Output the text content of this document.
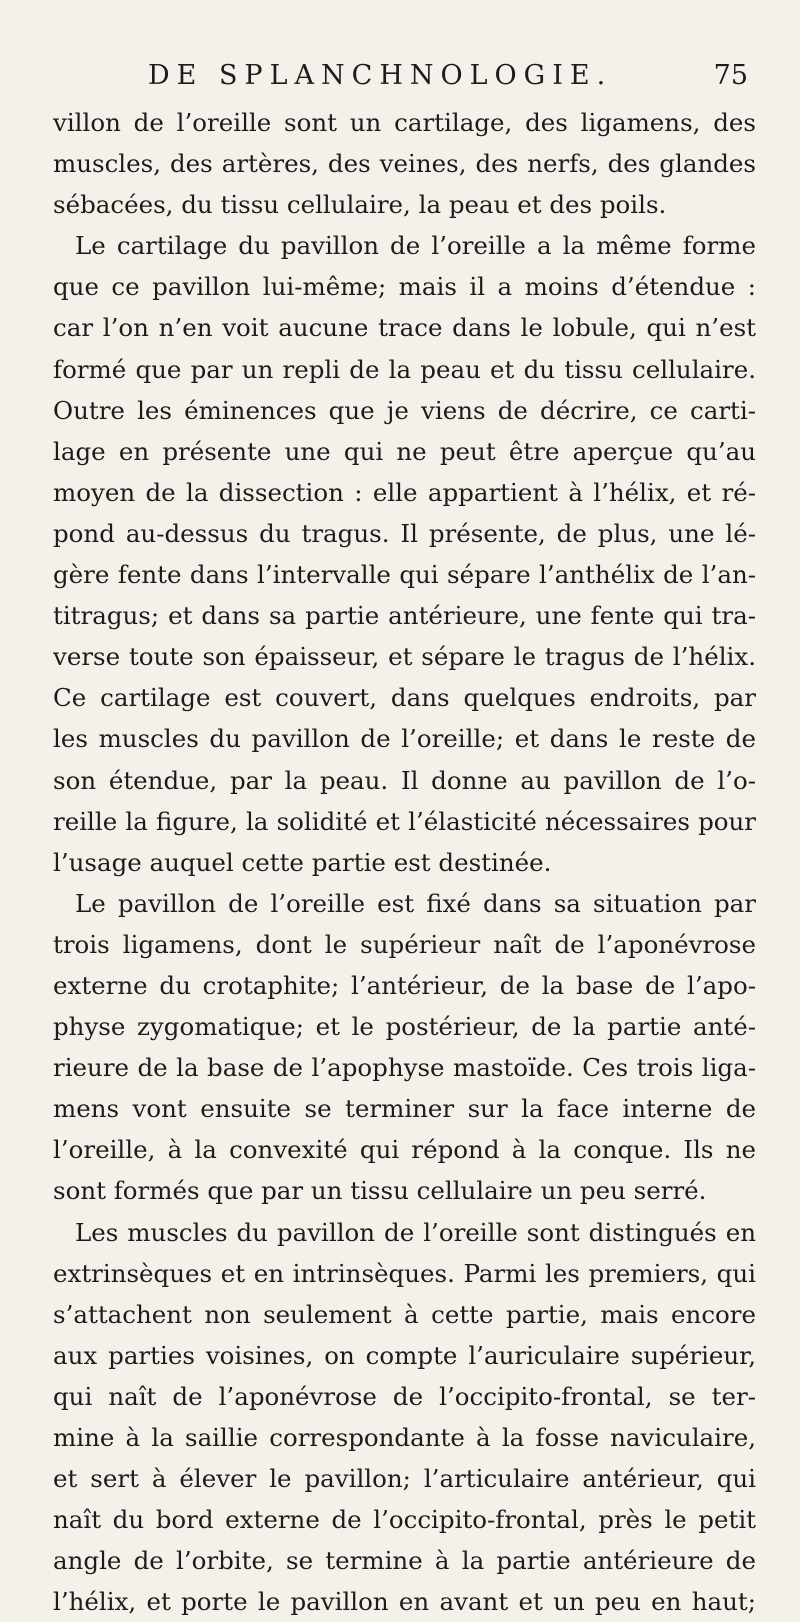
DE SPLANCHNOLOGIE.	75
villon de l’oreille sont un cartilage, des ligamens, des
muscles, des artères, des veines, des nerfs, des glandes
sébacées, du tissu cellulaire, la peau et des poils.
Le cartilage du pavillon de l’oreille a la même forme
que ce pavillon lui-même; mais il a moins d’étendue :
car l’on n’en voit aucune trace dans le lobule, qui n’est
formé que par un repli de la peau et du tissu cellulaire.
Outre les éminences que je viens de décrire, ce carti-
lage en présente une qui ne peut être aperçue qu’au
moyen de la dissection : elle appartient à l’hélix, et ré-
pond au-dessus du tragus. Il présente, de plus, une lé-
gère fente dans l’intervalle qui sépare l’anthélix de l’an-
titragus; et dans sa partie antérieure, une fente qui tra-
verse toute son épaisseur, et sépare le tragus de l’hélix.
Ce cartilage est couvert, dans quelques endroits, par
les muscles du pavillon de l’oreille; et dans le reste de
son étendue, par la peau. Il donne au pavillon de l’o-
reille la figure, la solidité et l’élasticité nécessaires pour
l’usage auquel cette partie est destinée.
Le pavillon de l’oreille est fixé dans sa situation par
trois ligamens, dont le supérieur naît de l’aponévrose
externe du crotaphite; l’antérieur, de la base de l’apo-
physe zygomatique; et le postérieur, de la partie anté-
rieure de la base de l’apophyse mastoïde. Ces trois liga-
mens vont ensuite se terminer sur la face interne de
l’oreille, à la convexité qui répond à la conque. Ils ne
sont formés que par un tissu cellulaire un peu serré.
Les muscles du pavillon de l’oreille sont distingués en
extrinsèques et en intrinsèques. Parmi les premiers, qui
s’attachent non seulement à cette partie, mais encore
aux parties voisines, on compte l’auriculaire supérieur,
qui naît de l’aponévrose de l’occipito-frontal, se ter-
mine à la saillie correspondante à la fosse naviculaire,
et sert à élever le pavillon; l’articulaire antérieur, qui
naît du bord externe de l’occipito-frontal, près le petit
angle de l’orbite, se termine à la partie antérieure de
l’hélix, et porte le pavillon en avant et un peu en haut;
